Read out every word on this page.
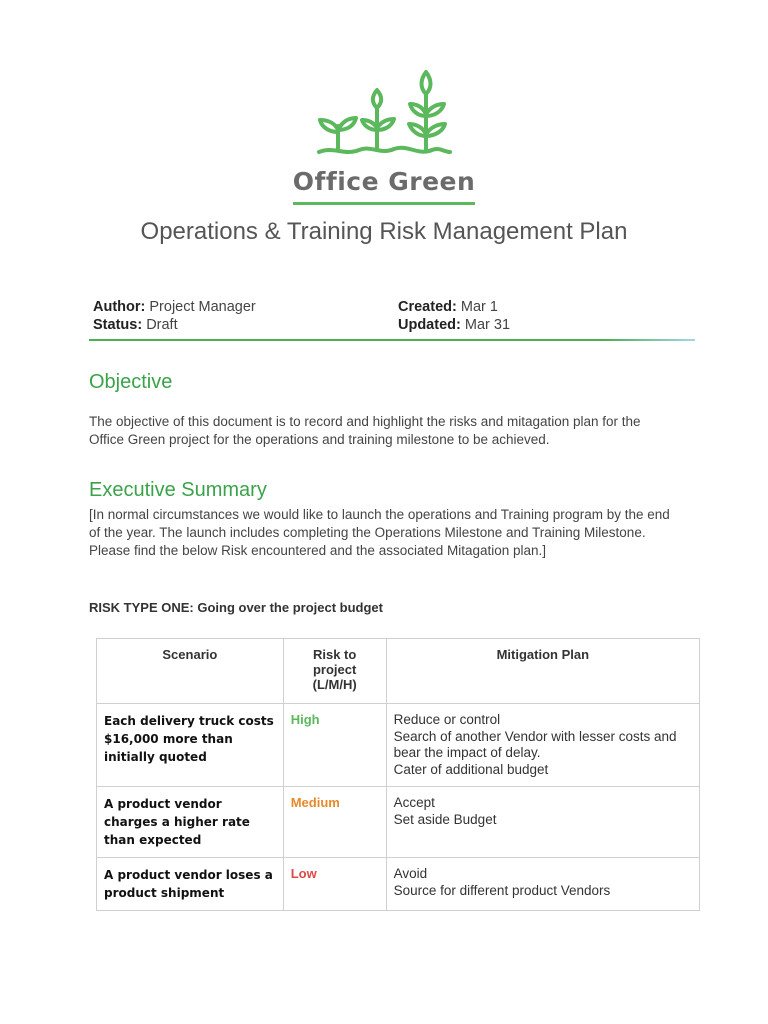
Office Green
Operations & Training Risk Management Plan
Author: Project Manager	Created: Mar 1
Status: Draft	Updated: Mar 31
Objective

The objective of this document is to record and highlight the risks and mitagation plan for the Office Green project for the operations and training milestone to be achieved.

Executive Summary

[In normal circumstances we would like to launch the operations and Training program by the end of the year. The launch includes completing the Operations Milestone and Training Milestone. Please find the below Risk encountered and the associated Mitagation plan.]

RISK TYPE ONE: Going over the project budget
Scenario	Risk to project (L/M/H)	Mitigation Plan
Each delivery truck costs $16,000 more than initially quoted	High	Reduce or control
Search of another Vendor with lesser costs and bear the impact of delay.
Cater of additional budget

A product vendor charges a higher rate than expected	Medium	Accept
Set aside Budget

A product vendor loses a product shipment	Low	Avoid
Source for different product Vendors
